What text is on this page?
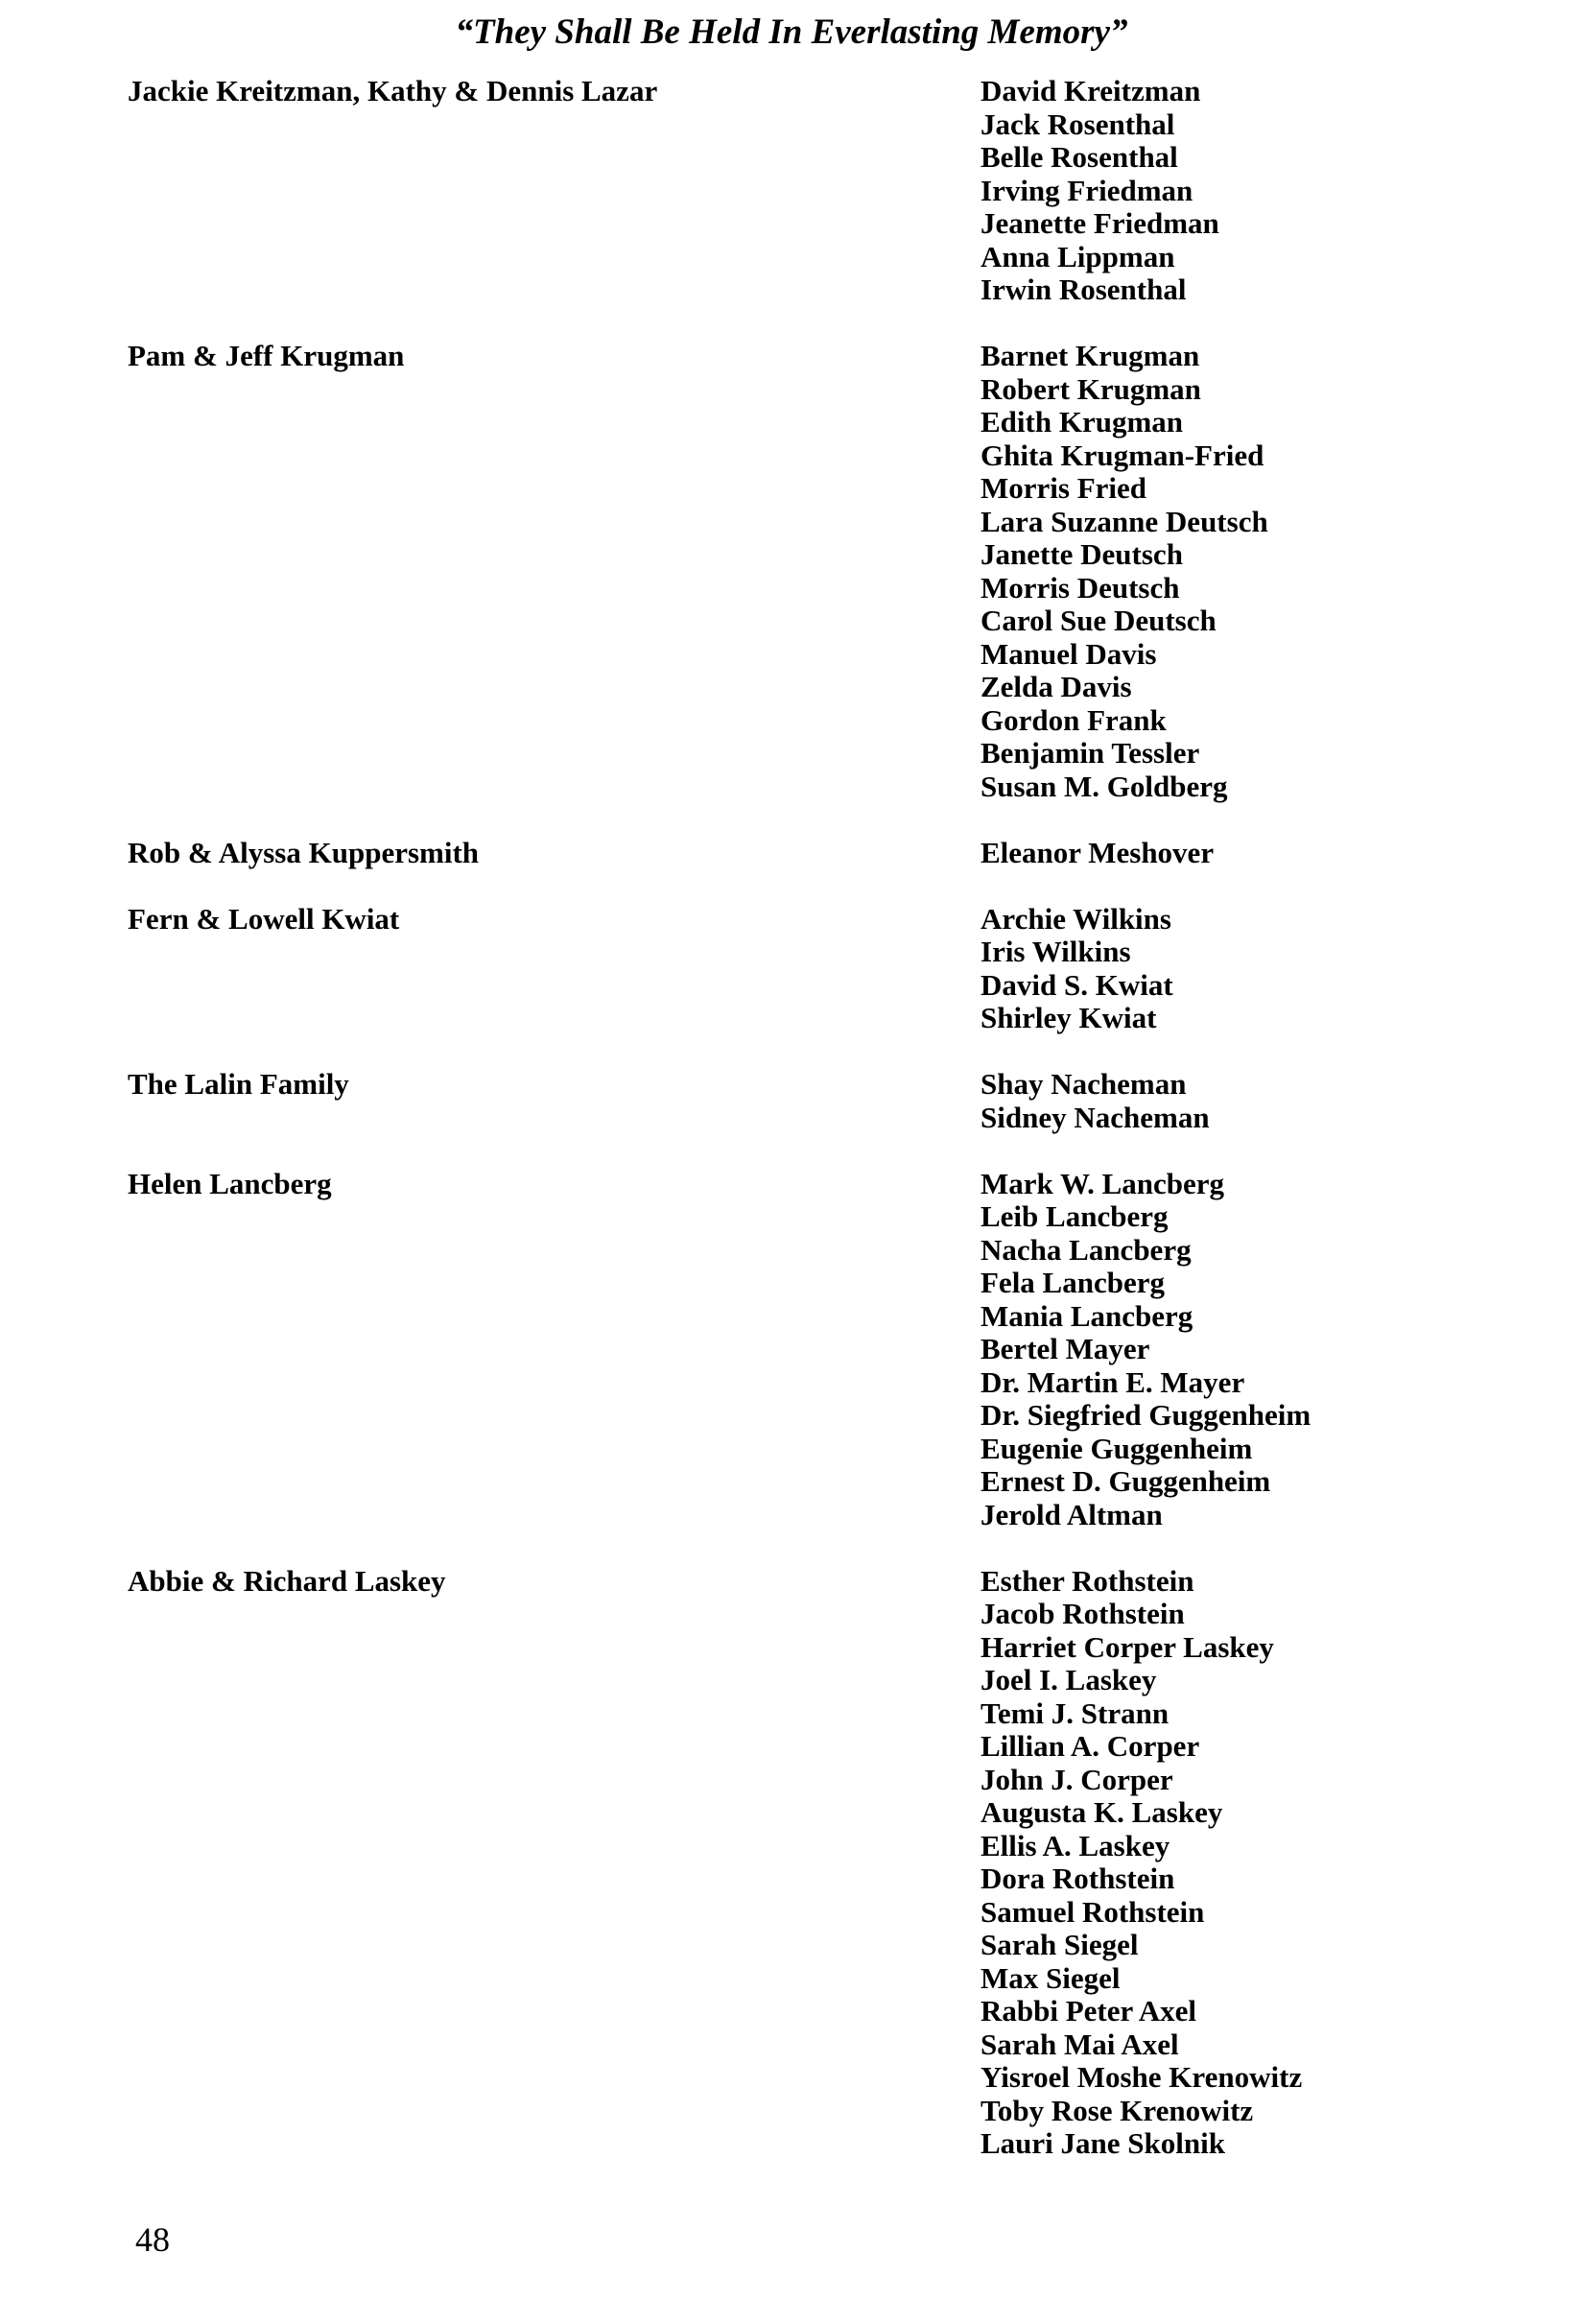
“They Shall Be Held In Everlasting Memory”
Jackie Kreitzman, Kathy & Dennis Lazar	David Kreitzman
Jack Rosenthal
Belle Rosenthal
Irving Friedman
Jeanette Friedman
Anna Lippman
Irwin Rosenthal
Pam & Jeff Krugman	Barnet Krugman
Robert Krugman
Edith Krugman
Ghita Krugman-Fried
Morris Fried
Lara Suzanne Deutsch
Janette Deutsch
Morris Deutsch
Carol Sue Deutsch
Manuel Davis
Zelda Davis
Gordon Frank
Benjamin Tessler
Susan M. Goldberg
Rob & Alyssa Kuppersmith	Eleanor Meshover
Fern & Lowell Kwiat	Archie Wilkins
Iris Wilkins
David S. Kwiat
Shirley Kwiat
The Lalin Family	Shay Nacheman
Sidney Nacheman
Helen Lancberg	Mark W. Lancberg
Leib Lancberg
Nacha Lancberg
Fela Lancberg
Mania Lancberg
Bertel Mayer
Dr. Martin E. Mayer
Dr. Siegfried Guggenheim
Eugenie Guggenheim
Ernest D. Guggenheim
Jerold Altman
Abbie & Richard Laskey	Esther Rothstein
Jacob Rothstein
Harriet Corper Laskey
Joel I. Laskey
Temi J. Strann
Lillian A. Corper
John J. Corper
Augusta K. Laskey
Ellis A. Laskey
Dora Rothstein
Samuel Rothstein
Sarah Siegel
Max Siegel
Rabbi Peter Axel
Sarah Mai Axel
Yisroel Moshe Krenowitz
Toby Rose Krenowitz
Lauri Jane Skolnik
48
